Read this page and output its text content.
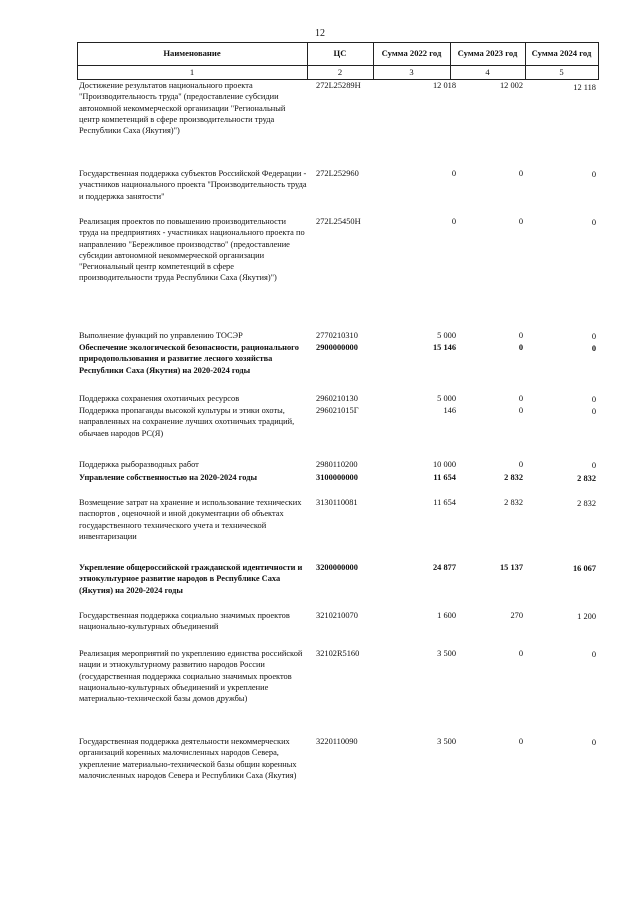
12
Наименование	ЦС	Сумма 2022 год	Сумма 2023 год	Сумма 2024 год
1	2	3	4	5
Достижение результатов национального проекта "Производительность труда" (предоставление субсидии автономной некоммерческой организации "Региональный центр компетенций в сфере производительности труда Республики Саха (Якутия)")
272L25289Н	12 018	12 002	12 118
Государственная поддержка субъектов Российской Федерации - участников национального проекта "Производительность труда и поддержка занятости"
272L252960	0	0	0
Реализация проектов по повышению производительности труда на предприятиях - участниках национального проекта по направлению "Бережливое производство" (предоставление субсидии автономной некоммерческой организации "Региональный центр компетенций в сфере производительности труда Республики Саха (Якутия)")
272L25450Н	0	0	0
Выполнение функций по управлению ТОСЭР	2770210310	5 000	0	0
Обеспечение экологической безопасности, рационального природопользования и развитие лесного хозяйства Республики Саха (Якутия) на 2020-2024 годы
2900000000	15 146	0	0
Поддержка сохранения охотничьих ресурсов	2960210130	5 000	0	0
Поддержка пропаганды высокой культуры и этики охоты, направленных на сохранение лучших охотничьих традиций, обычаев народов РС(Я)
296021015Г	146	0	0
Поддержка рыборазводных работ	2980110200	10 000	0	0
Управление собственностью на 2020-2024 годы	3100000000	11 654	2 832	2 832
Возмещение затрат на хранение и использование технических паспортов , оценочной и иной документации об объектах государственного технического учета и технической инвентаризации
3130110081	11 654	2 832	2 832
Укрепление общероссийской гражданской идентичности и этнокультурное развитие народов в Республике Саха (Якутия) на 2020-2024 годы
3200000000	24 877	15 137	16 067
Государственная поддержка социально значимых проектов национально-культурных объединений
3210210070	1 600	270	1 200
Реализация мероприятий по укреплению единства российской нации и этнокультурному развитию народов России (государственная поддержка социально значимых проектов национально-культурных объединений и укрепление материально-технической базы домов дружбы)
32102R5160	3 500	0	0
Государственная поддержка деятельности некоммерческих организаций коренных малочисленных народов Севера, укрепление материально-технической базы общин коренных малочисленных народов Севера и Республики Саха (Якутия)
3220110090	3 500	0	0
